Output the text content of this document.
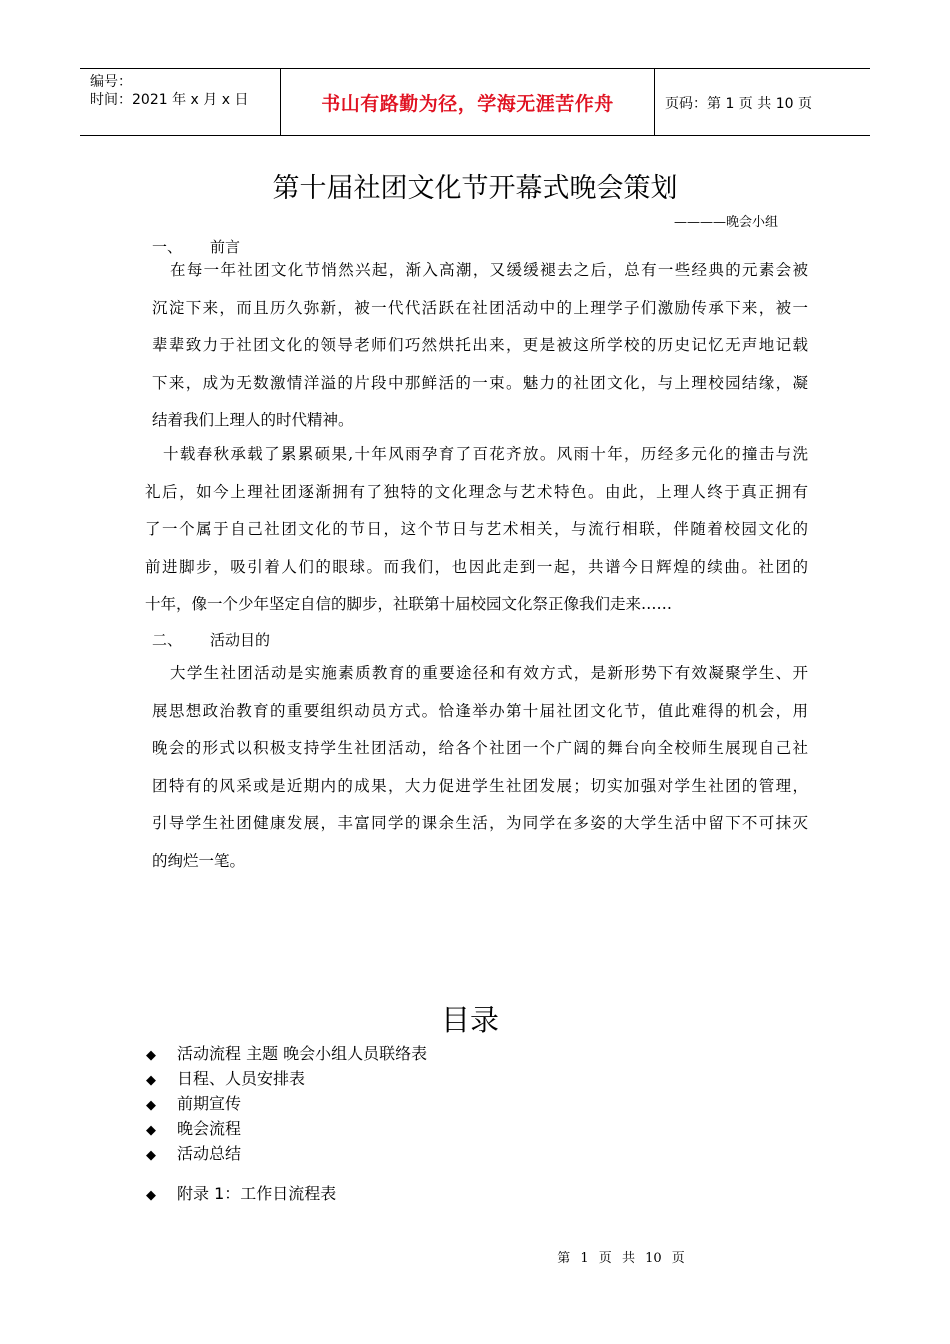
编号：
时间：2021 年 x 月 x 日	书山有路勤为径，学海无涯苦作舟	页码：第 1 页 共 10 页
第十届社团文化节开幕式晚会策划
————晚会小组
一、 前言
在每一年社团文化节悄然兴起，渐入高潮，又缓缓褪去之后，总有一些经典的元素会被
沉淀下来，而且历久弥新，被一代代活跃在社团活动中的上理学子们激励传承下来，被一
辈辈致力于社团文化的领导老师们巧然烘托出来，更是被这所学校的历史记忆无声地记载
下来，成为无数激情洋溢的片段中那鲜活的一束。魅力的社团文化，与上理校园结缘，凝
结着我们上理人的时代精神。
十载春秋承载了累累硕果,十年风雨孕育了百花齐放。风雨十年，历经多元化的撞击与洗
礼后，如今上理社团逐渐拥有了独特的文化理念与艺术特色。由此，上理人终于真正拥有
了一个属于自己社团文化的节日，这个节日与艺术相关，与流行相联，伴随着校园文化的
前进脚步，吸引着人们的眼球。而我们，也因此走到一起，共谱今日辉煌的续曲。社团的
十年，像一个少年坚定自信的脚步，社联第十届校园文化祭正像我们走来……
二、 活动目的
大学生社团活动是实施素质教育的重要途径和有效方式，是新形势下有效凝聚学生、开
展思想政治教育的重要组织动员方式。恰逢举办第十届社团文化节，值此难得的机会，用
晚会的形式以积极支持学生社团活动，给各个社团一个广阔的舞台向全校师生展现自己社
团特有的风采或是近期内的成果，大力促进学生社团发展；切实加强对学生社团的管理，
引导学生社团健康发展，丰富同学的课余生活，为同学在多姿的大学生活中留下不可抹灭
的绚烂一笔。
目录
◆ 活动流程 主题 晚会小组人员联络表
◆ 日程、人员安排表
◆ 前期宣传
◆ 晚会流程
◆ 活动总结
◆ 附录 1：工作日流程表
第 1 页 共 10 页
